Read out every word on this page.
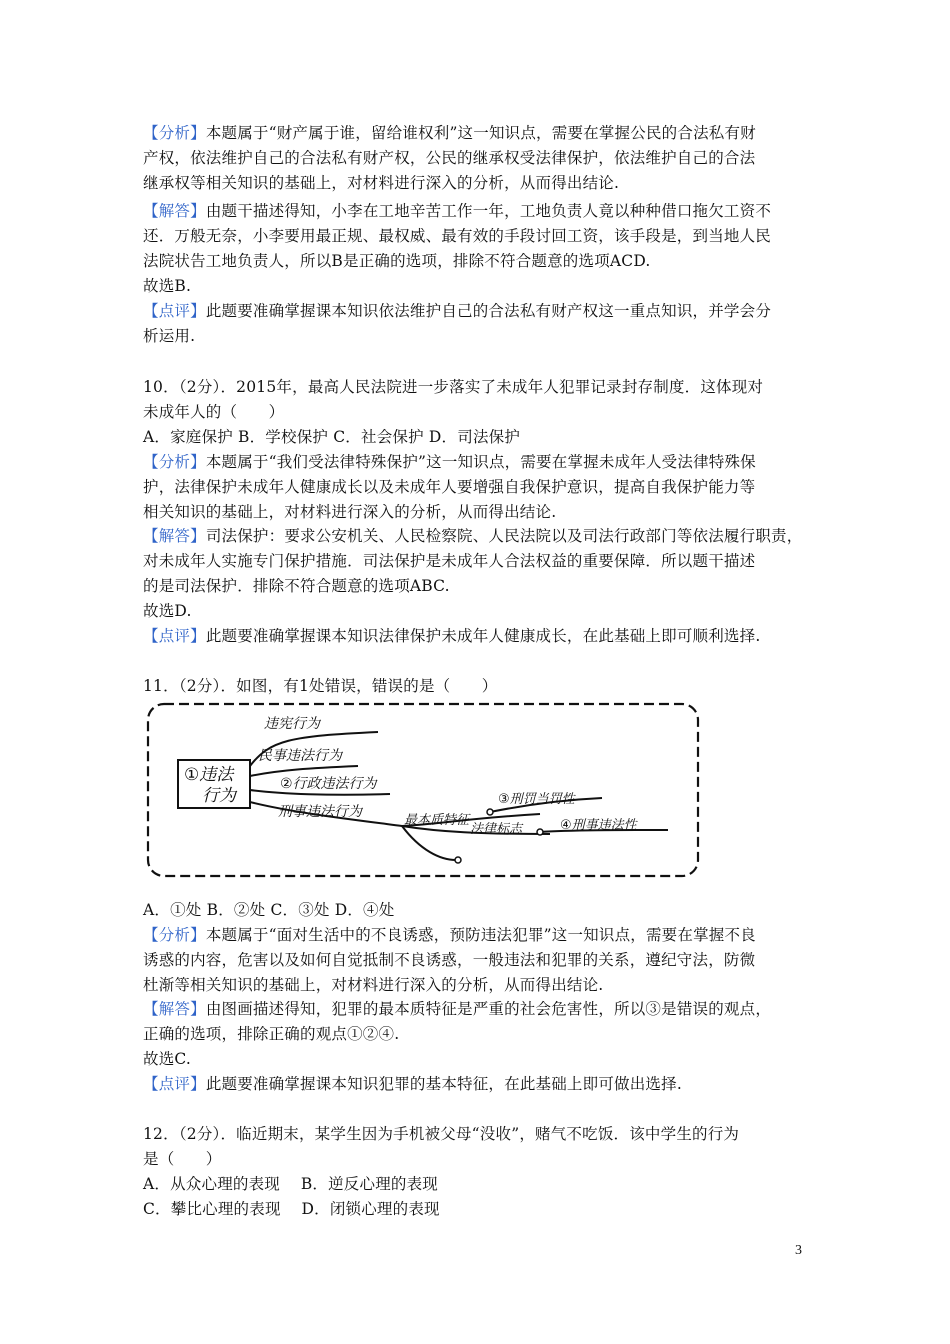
【分析】本题属于“财产属于谁，留给谁权利”这一知识点，需要在掌握公民的合法私有财
产权，依法维护自己的合法私有财产权，公民的继承权受法律保护，依法维护自己的合法
继承权等相关知识的基础上，对材料进行深入的分析，从而得出结论.
【解答】由题干描述得知，小李在工地辛苦工作一年，工地负责人竟以种种借口拖欠工资不
还．万般无奈，小李要用最正规、最权威、最有效的手段讨回工资，该手段是，到当地人民
法院状告工地负责人，所以B是正确的选项，排除不符合题意的选项ACD.
故选B.
【点评】此题要准确掌握课本知识依法维护自己的合法私有财产权这一重点知识，并学会分
析运用.
10．（2分）．2015年，最高人民法院进一步落实了未成年人犯罪记录封存制度．这体现对
未成年人的（　　）
A．家庭保护 B．学校保护 C．社会保护 D．司法保护
【分析】本题属于“我们受法律特殊保护”这一知识点，需要在掌握未成年人受法律特殊保
护，法律保护未成年人健康成长以及未成年人要增强自我保护意识，提高自我保护能力等
相关知识的基础上，对材料进行深入的分析，从而得出结论.
【解答】司法保护：要求公安机关、人民检察院、人民法院以及司法行政部门等依法履行职责，
对未成年人实施专门保护措施．司法保护是未成年人合法权益的重要保障．所以题干描述
的是司法保护．排除不符合题意的选项ABC.
故选D.
【点评】此题要准确掌握课本知识法律保护未成年人健康成长，在此基础上即可顺利选择.
11．（2分）．如图，有1处错误，错误的是（　　）
①违法
行为
违宪行为
民事违法行为
②行政违法行为
刑事违法行为
最本质特征
法律标志
③刑罚当罚性
④刑事违法性
A．①处 B．②处 C．③处 D．④处
【分析】本题属于“面对生活中的不良诱惑，预防违法犯罪”这一知识点，需要在掌握不良
诱惑的内容，危害以及如何自觉抵制不良诱惑，一般违法和犯罪的关系，遵纪守法，防微
杜渐等相关知识的基础上，对材料进行深入的分析，从而得出结论.
【解答】由图画描述得知，犯罪的最本质特征是严重的社会危害性，所以③是错误的观点，
正确的选项，排除正确的观点①②④.
故选C.
【点评】此题要准确掌握课本知识犯罪的基本特征，在此基础上即可做出选择.
12．（2分）．临近期末，某学生因为手机被父母“没收”，赌气不吃饭．该中学生的行为
是（　　）
A．从众心理的表现　 B．逆反心理的表现
C．攀比心理的表现　 D．闭锁心理的表现
3
